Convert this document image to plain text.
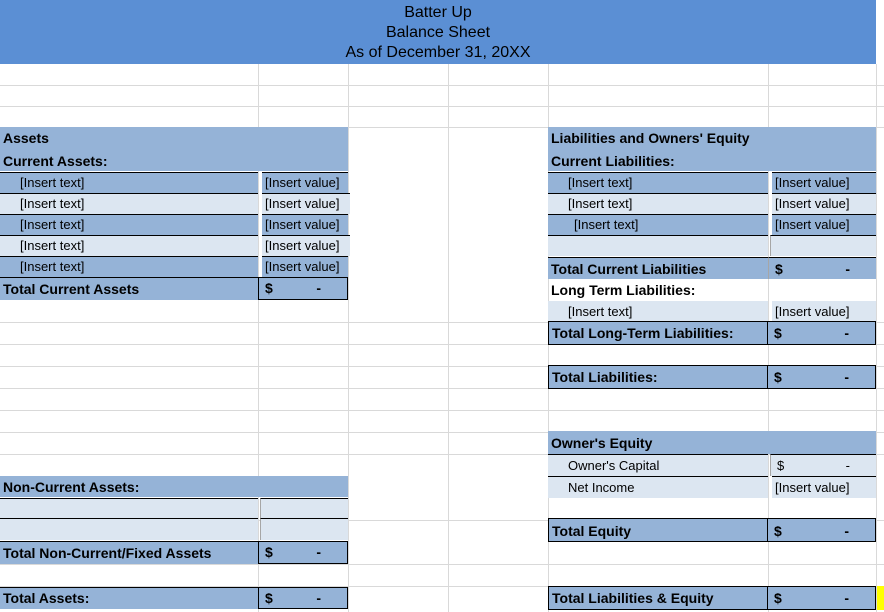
Batter Up
Balance Sheet
As of December 31, 20XX
Assets
Current Assets:
[Insert text]	[Insert value]
[Insert text]	[Insert value]
[Insert text]	[Insert value]
[Insert text]	[Insert value]
[Insert text]	[Insert value]
Total Current Assets	$	-
Non-Current Assets:
Total Non-Current/Fixed Assets	$	-
Total Assets:	$	-
Liabilities and Owners' Equity
Current Liabilities:
[Insert text]	[Insert value]
[Insert text]	[Insert value]
[Insert text]	[Insert value]
Total Current Liabilities	$	-
Long Term Liabilities:
[Insert text]	[Insert value]
Total Long-Term Liabilities:	$	-
Total Liabilities:	$	-
Owner's Equity
Owner's Capital	$	-
Net Income	[Insert value]
Total Equity	$	-
Total Liabilities & Equity	$	-
